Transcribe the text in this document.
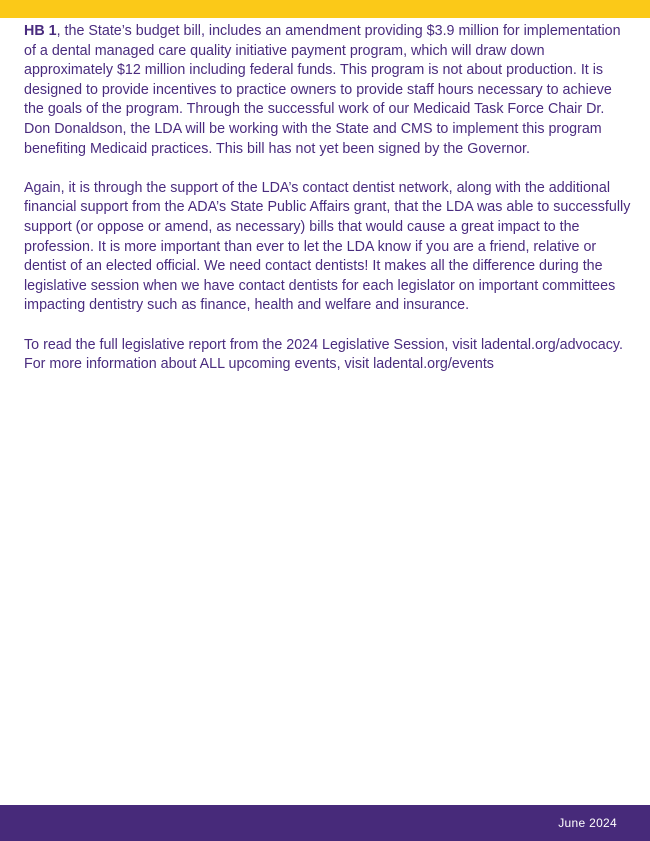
HB 1, the State’s budget bill, includes an amendment providing $3.9 million for implementation of a dental managed care quality initiative payment program, which will draw down approximately $12 million including federal funds. This program is not about production. It is designed to provide incentives to practice owners to provide staff hours necessary to achieve the goals of the program. Through the successful work of our Medicaid Task Force Chair Dr. Don Donaldson, the LDA will be working with the State and CMS to implement this program benefiting Medicaid practices. This bill has not yet been signed by the Governor.

Again, it is through the support of the LDA’s contact dentist network, along with the additional financial support from the ADA’s State Public Affairs grant, that the LDA was able to successfully support (or oppose or amend, as necessary) bills that would cause a great impact to the profession. It is more important than ever to let the LDA know if you are a friend, relative or dentist of an elected official. We need contact dentists! It makes all the difference during the legislative session when we have contact dentists for each legislator on important committees impacting dentistry such as finance, health and welfare and insurance.

To read the full legislative report from the 2024 Legislative Session, visit ladental.org/advocacy. For more information about ALL upcoming events, visit ladental.org/events

June 2024
